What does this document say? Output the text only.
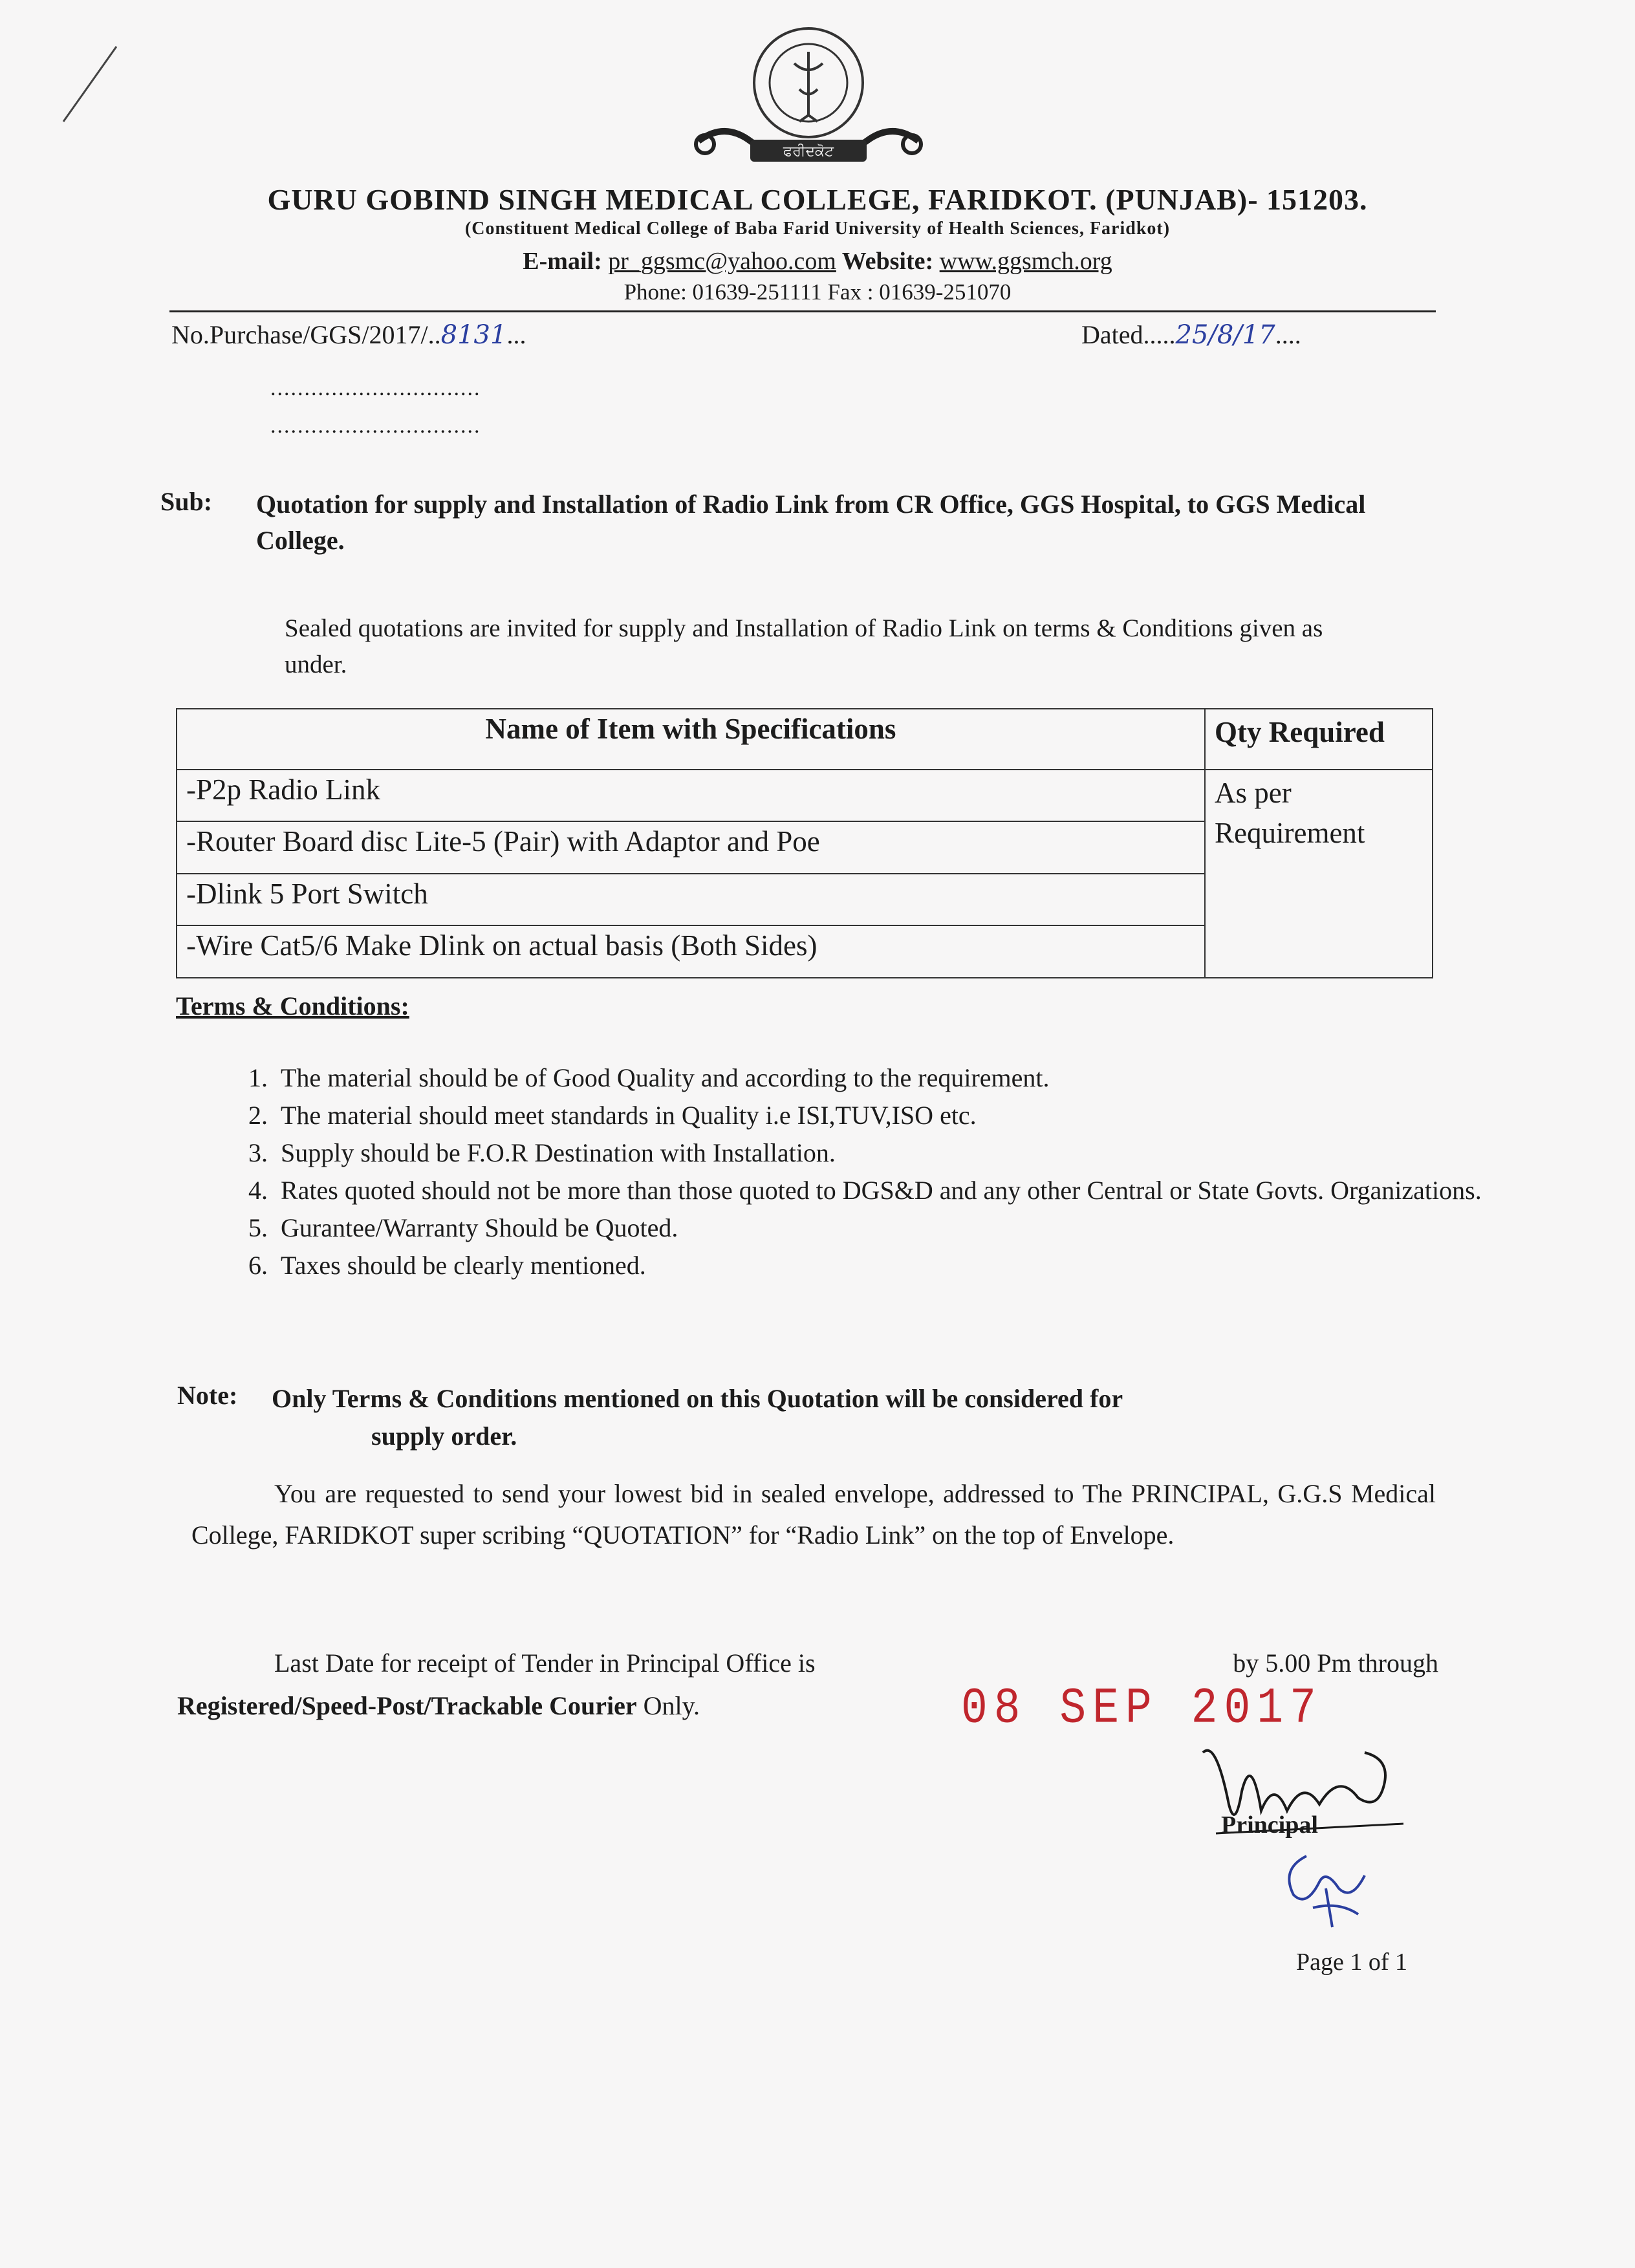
ਫਰੀਦਕੋਟ
GURU GOBIND SINGH MEDICAL COLLEGE, FARIDKOT. (PUNJAB)- 151203.
(Constituent Medical College of Baba Farid University of Health Sciences, Faridkot)
E-mail: pr_ggsmc@yahoo.com Website: www.ggsmch.org
Phone: 01639-251111 Fax : 01639-251070
No.Purchase/GGS/2017/..8131...	Dated.....25/8/17....
...............................
...............................
Sub: Quotation for supply and Installation of Radio Link from CR Office, GGS Hospital, to GGS Medical College.
Sealed quotations are invited for supply and Installation of Radio Link on terms & Conditions given as under.
Name of Item with Specifications	Qty Required
-P2p Radio Link	As per Requirement
-Router Board disc Lite-5 (Pair) with Adaptor and Poe	
-Dlink 5 Port Switch	
-Wire Cat5/6 Make Dlink on actual basis (Both Sides)	
Terms & Conditions:
1. The material should be of Good Quality and according to the requirement.
2. The material should meet standards in Quality i.e ISI,TUV,ISO etc.
3. Supply should be F.O.R Destination with Installation.
4. Rates quoted should not be more than those quoted to DGS&D and any other Central or State Govts. Organizations.
5. Gurantee/Warranty Should be Quoted.
6. Taxes should be clearly mentioned.
Note: Only Terms & Conditions mentioned on this Quotation will be considered for
supply order.
You are requested to send your lowest bid in sealed envelope, addressed to The PRINCIPAL, G.G.S Medical College, FARIDKOT super scribing “QUOTATION” for “Radio Link” on the top of Envelope.
Last Date for receipt of Tender in Principal Office is	by 5.00 Pm through
Registered/Speed-Post/Trackable Courier Only.	08 SEP 2017
Principal
Page 1 of 1
